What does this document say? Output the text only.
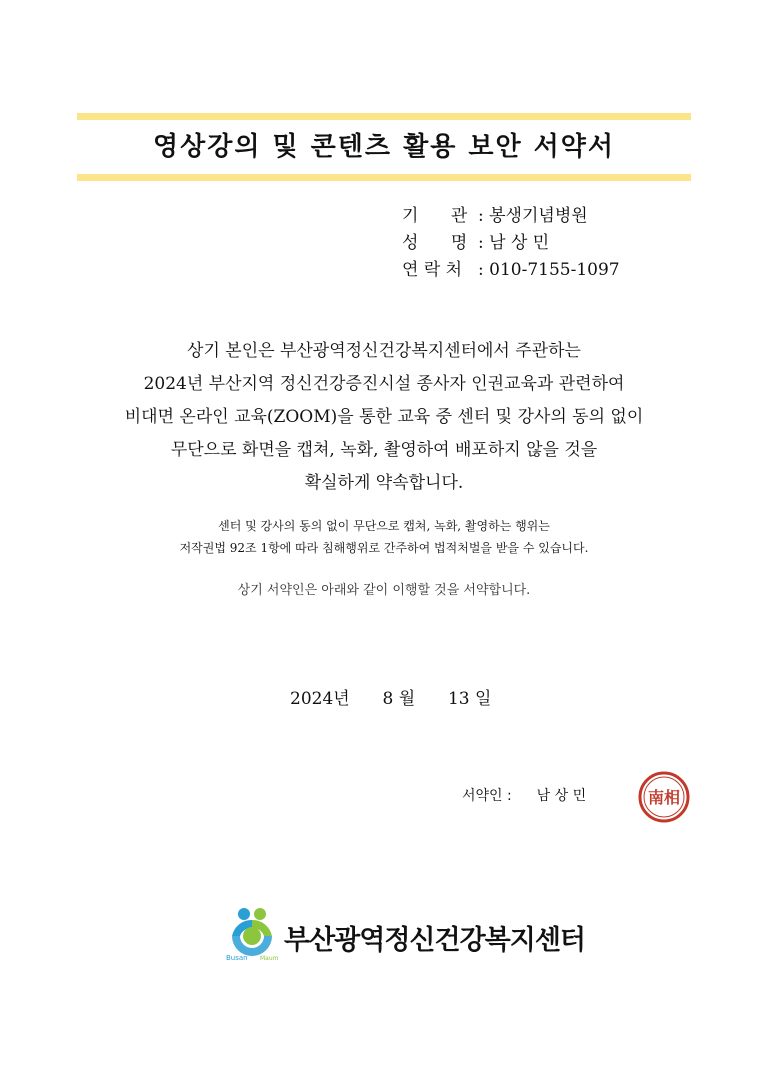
영상강의 및 콘텐츠 활용 보안 서약서
기      관 : 봉생기념병원
성      명 : 남 상 민
연 락 처 : 010-7155-1097
상기 본인은 부산광역정신건강복지센터에서 주관하는
2024년 부산지역 정신건강증진시설 종사자 인권교육과 관련하여
비대면 온라인 교육(ZOOM)을 통한 교육 중 센터 및 강사의 동의 없이
무단으로 화면을 캡쳐, 녹화, 촬영하여 배포하지 않을 것을
확실하게 약속합니다.
센터 및 강사의 동의 없이 무단으로 캡쳐, 녹화, 촬영하는 행위는
저작권법 92조 1항에 따라 침해행위로 간주하여 법적처벌을 받을 수 있습니다.
상기 서약인은 아래와 같이 이행할 것을 서약합니다.
2024년 8 월 13 일
서약인 : 남 상 민	南相
Busan Maum
부산광역정신건강복지센터
